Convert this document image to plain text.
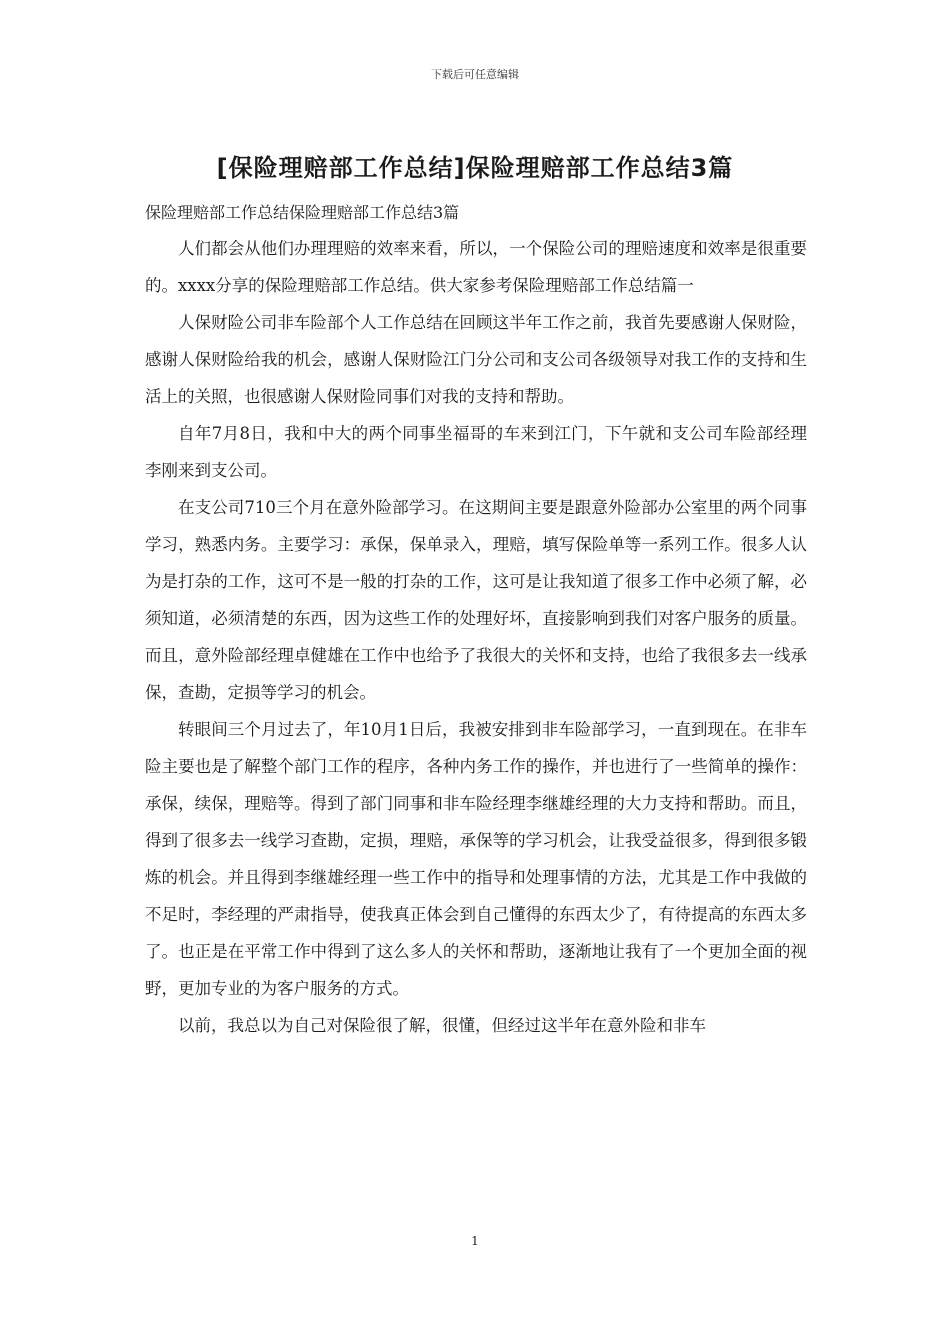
下载后可任意编辑
[保险理赔部工作总结]保险理赔部工作总结3篇

保险理赔部工作总结保险理赔部工作总结3篇

人们都会从他们办理理赔的效率来看，所以，一个保险公司的理赔速度和效率是很重要的。xxxx分享的保险理赔部工作总结。供大家参考保险理赔部工作总结篇一

人保财险公司非车险部个人工作总结在回顾这半年工作之前，我首先要感谢人保财险，感谢人保财险给我的机会，感谢人保财险江门分公司和支公司各级领导对我工作的支持和生活上的关照，也很感谢人保财险同事们对我的支持和帮助。

自年7月8日，我和中大的两个同事坐福哥的车来到江门，下午就和支公司车险部经理李刚来到支公司。

在支公司710三个月在意外险部学习。在这期间主要是跟意外险部办公室里的两个同事学习，熟悉内务。主要学习：承保，保单录入，理赔，填写保险单等一系列工作。很多人认为是打杂的工作，这可不是一般的打杂的工作，这可是让我知道了很多工作中必须了解，必须知道，必须清楚的东西，因为这些工作的处理好坏，直接影响到我们对客户服务的质量。而且，意外险部经理卓健雄在工作中也给予了我很大的关怀和支持，也给了我很多去一线承保，查勘，定损等学习的机会。

转眼间三个月过去了，年10月1日后，我被安排到非车险部学习，一直到现在。在非车险主要也是了解整个部门工作的程序，各种内务工作的操作，并也进行了一些简单的操作：承保，续保，理赔等。得到了部门同事和非车险经理李继雄经理的大力支持和帮助。而且，得到了很多去一线学习查勘，定损，理赔，承保等的学习机会，让我受益很多，得到很多锻炼的机会。并且得到李继雄经理一些工作中的指导和处理事情的方法，尤其是工作中我做的不足时，李经理的严肃指导，使我真正体会到自己懂得的东西太少了，有待提高的东西太多了。也正是在平常工作中得到了这么多人的关怀和帮助，逐渐地让我有了一个更加全面的视野，更加专业的为客户服务的方式。

以前，我总以为自己对保险很了解，很懂，但经过这半年在意外险和非车

1
